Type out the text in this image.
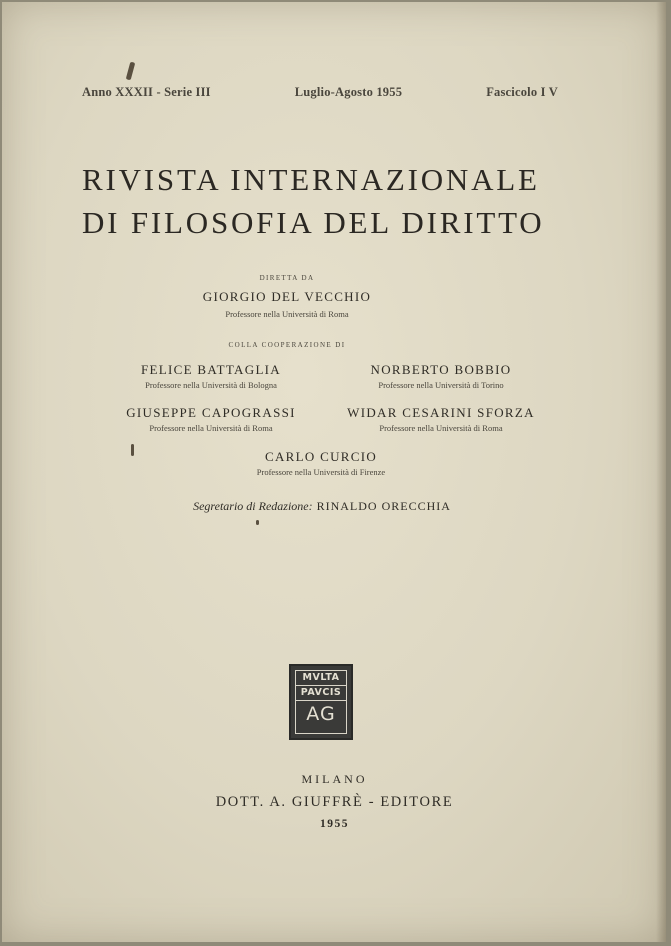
Anno XXXII - Serie III	Luglio-Agosto 1955	Fascicolo I V
RIVISTA INTERNAZIONALE
DI FILOSOFIA DEL DIRITTO
DIRETTA DA
GIORGIO DEL VECCHIO
Professore nella Università di Roma
COLLA COOPERAZIONE DI
FELICE BATTAGLIA
Professore nella Università di Bologna
NORBERTO BOBBIO
Professore nella Università di Torino
GIUSEPPE CAPOGRASSI
Professore nella Università di Roma
WIDAR CESARINI SFORZA
Professore nella Università di Roma
CARLO CURCIO
Professore nella Università di Firenze
Segretario di Redazione: RINALDO ORECCHIA
MVLTA
PAVCIS
AG
MILANO
DOTT. A. GIUFFRÈ - EDITORE
1955
